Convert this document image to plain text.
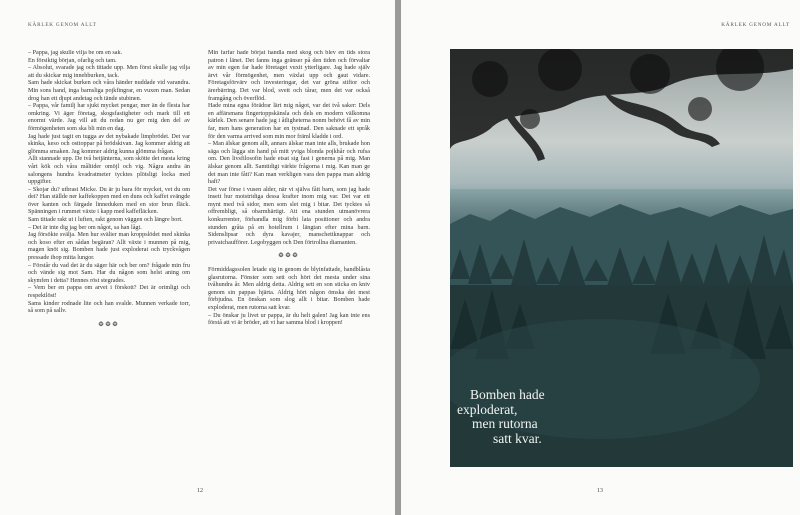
KÄRLEK GENOM ALLT

– Pappa, jag skulle vilja be om en sak.

En försiktig början, ofarlig och tam.

– Absolut, svarade jag och tittade upp. Men först skulle jag vilja att du skickar mig innehburken, tack.

Sam hade skickat burken och våra händer nuddade vid varandra. Min sons hand, inga barnsliga pojkfingrar, en vuxen man. Sedan drog han ett djupt andetag och tände stubinen.

– Pappa, vår familj har sjukt mycket pengar, mer än de flesta har omkring. Vi äger företag, skogsfastigheter och mark till ett enormt värde. Jag vill att du redan nu ger mig den del av förmögenheten som ska bli min en dag.

Jag hade just tagit en tugga av det nybakade limpbrödet. Det var skinka, keso och osttoppar på brödskivan. Jag kommer aldrig att glömma smaken. Jag kommer aldrig kunna glömma frågan.

Allt stannade upp. De två betjänterna, som skötte det mesta kring vårt kök och våra måltider omöjl och vig. Några andra än salongens hundra kvadratmeter tycktes plötsligt locka med uppgifter.

– Skojar du? utbrast Micke. Du är ju bara för mycket, vet du om det? Han ställde ner kaffekoppen med en duns och kaffet svängde över kanten och färgade linneduken med en stor brun fläck. Spänningen i rummet växte i kapp med kaffefläcken.

Sam tittade rakt ut i luften, rakt genom väggen och längre bort.

– Det är inte dig jag ber om något, sa han lågt.

Jag försökte svälja. Men hur svälier man kroppslödet med skinka och koso efter en sådan begäran? Allt växte i munnen på mig, magen knöt sig. Bomben hade just exploderat och tryckvågen pressade ihop mitta lungor.

– Förstår du vad det är du säger här och ber om? frågade min fru och vände sig mot Sam. Har du någon som helst aning om skymfen i detta? Hennes röst stegrades.

– Vem ber en pappa om arvet i förskott? Det är orimligt och respektlöst!

Sams kinder rodnade lite och han svalde. Munnen verkade torr, så som på sallv.

❂❂❂

Min farfar hade börjat handla med skog och blev en tids stora patron i länet. Det fanns inga gränser på den tiden och förvaltar av min egen far hade företaget vuxit ytterligare. Jag hade själv ärvt vår förmögenhet, men växlat upp och gaut vidare. Företagsförvärv och investeringar, det var gröna stiftor och ärerbärring. Det var blod, svett och tårar, men det var också framgång och överflöd.

Hade mina egna förädrar lärt mig något, var det två saker: Dels en affärsmans fingertoppskänsla och dels en modern välkomna kärlek. Den senare hade jag i åtligheterna nonm behövt få av min far, men hans generation har en tystnad. Den saknade ett språk för den varma arrived som min mor främl kladde i ord.

– Man älskar genom allt, annars älskar man inte alls, brukade hon säga och lägga sin hand på mitt yviga blonda pojkhår och rufsa om. Den livsfilosofin hade etsat sig fast i generna på mig. Man älskar genom allt. Samtidigt värkte frågorna i mig. Kan man ge det man inte fått? Kan man verkligen vara den pappa man aldrig haft?

Det var förse i vusen alder, när vi själva fått barn, som jag hade insett hur motstridiga dessa krafter inom mig var. Det var ett mynt med två sidor, men som slet mig i bitar. Det tycktes så offrembligt, så obarmhärtigt. Att ena stunden utmanövrera konkurrenter, förhandla mig förbi lata positioner och andra stunden gråta på en hotellrum i längtan efter mina barn. Sidenslipsar och dyra kavajer, manschettknappar och privatchaufförer. Legobyggen och Den förtrollna diamanten.

❂❂❂

Förmiddagssolen letade sig in genom de blyinfattade, handblåsta glasrutorna. Fönster som sett och hört det mesta under sina tvåhundra år. Men aldrig detta. Aldrig sett en son sticka en kniv genom sin pappas hjärta. Aldrig hört någon ömska det mest förbjudna. En önskan som slog allt i bitar. Bomben hade exploderat, men rutorna satt kvar.

– Du önskar ju livet ur pappa, är du helt galen! Jag kan inte ens förstå att vi är bröder, att vi har samma blod i kroppen!

12
KÄRLEK GENOM ALLT
13
Bomben hade
exploderat,
men rutorna
satt kvar.
